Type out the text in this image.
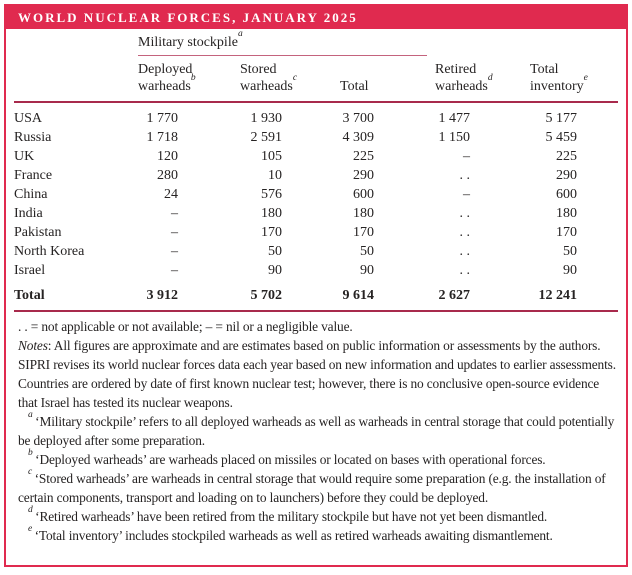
WORLD NUCLEAR FORCES, JANUARY 2025

	Military stockpile$^a$

Deployed
warheads$^b$

Stored
warheads$^c$

Total

Retired
warheads$^d$

Total
inventory$^e$

USA	1 770	1 930	3 700	1 477	5 177
Russia	1 718	2 591	4 309	1 150	5 459
UK	120	105	225	–	225
France	280	10	290	. .	290
China	24	576	600	–	600
India	–	180	180	. .	180
Pakistan	–	170	170	. .	170
North Korea	–	50	50	. .	50
Israel	–	90	90	. .	90
Total	3 912	5 702	9 614	2 627	12 241

. . = not applicable or not available; – = nil or a negligible value.

Notes: All figures are approximate and are estimates based on public information or assessments by the authors. SIPRI revises its world nuclear forces data each year based on new information and updates to earlier assessments. Countries are ordered by date of first known nuclear test; however, there is no conclusive open-source evidence that Israel has tested its nuclear weapons.

$^a$ ‘Military stockpile’ refers to all deployed warheads as well as warheads in central storage that could potentially be deployed after some preparation.

$^b$ ‘Deployed warheads’ are warheads placed on missiles or located on bases with operational forces.

$^c$ ‘Stored warheads’ are warheads in central storage that would require some preparation (e.g. the installation of certain components, transport and loading on to launchers) before they could be deployed.

$^d$ ‘Retired warheads’ have been retired from the military stockpile but have not yet been dismantled.

$^e$ ‘Total inventory’ includes stockpiled warheads as well as retired warheads awaiting dismantlement.
